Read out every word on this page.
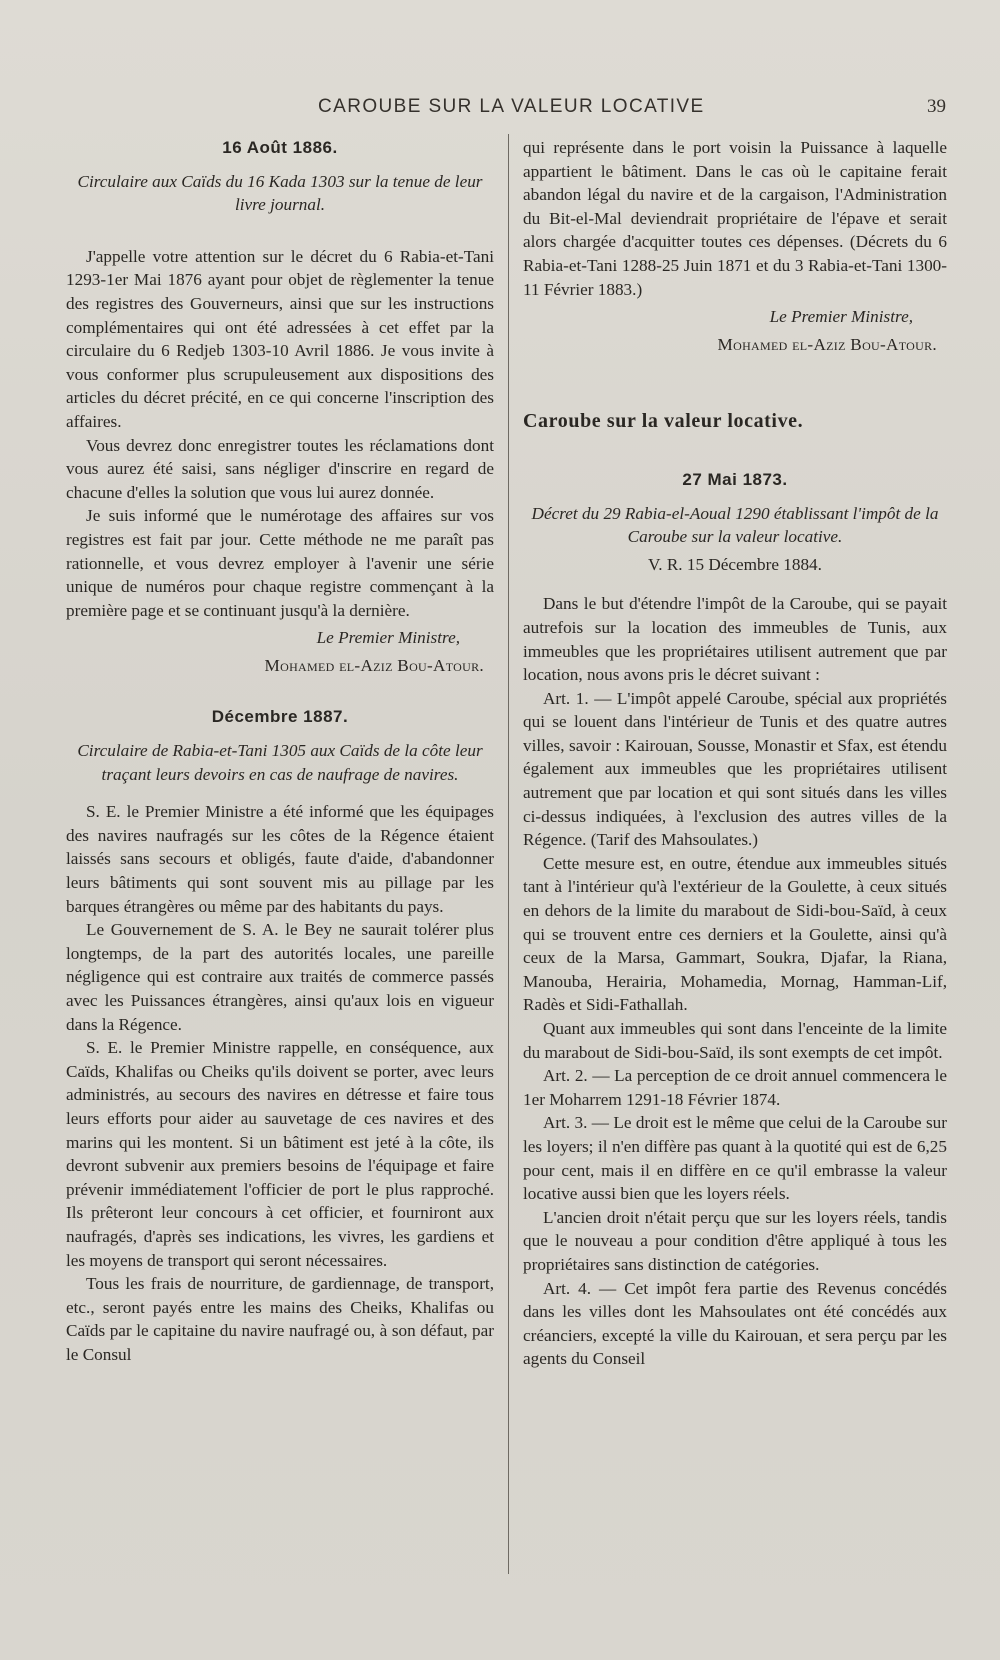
CAROUBE SUR LA VALEUR LOCATIVE	39
16 Août 1886.

Circulaire aux Caïds du 16 Kada 1303 sur la tenue de leur livre journal.

J'appelle votre attention sur le décret du 6 Rabia-et-Tani 1293-1er Mai 1876 ayant pour objet de règlementer la tenue des registres des Gouverneurs, ainsi que sur les instructions complémentaires qui ont été adressées à cet effet par la circulaire du 6 Redjeb 1303-10 Avril 1886. Je vous invite à vous conformer plus scrupuleusement aux dispositions des articles du décret précité, en ce qui concerne l'inscription des affaires.

Vous devrez donc enregistrer toutes les réclamations dont vous aurez été saisi, sans négliger d'inscrire en regard de chacune d'elles la solution que vous lui aurez donnée.

Je suis informé que le numérotage des affaires sur vos registres est fait par jour. Cette méthode ne me paraît pas rationnelle, et vous devrez employer à l'avenir une série unique de numéros pour chaque registre commençant à la première page et se continuant jusqu'à la dernière.

Le Premier Ministre,

Mohamed el-Aziz Bou-Atour.

Décembre 1887.

Circulaire de Rabia-et-Tani 1305 aux Caïds de la côte leur traçant leurs devoirs en cas de naufrage de navires.

S. E. le Premier Ministre a été informé que les équipages des navires naufragés sur les côtes de la Régence étaient laissés sans secours et obligés, faute d'aide, d'abandonner leurs bâtiments qui sont souvent mis au pillage par les barques étrangères ou même par des habitants du pays.

Le Gouvernement de S. A. le Bey ne saurait tolérer plus longtemps, de la part des autorités locales, une pareille négligence qui est contraire aux traités de commerce passés avec les Puissances étrangères, ainsi qu'aux lois en vigueur dans la Régence.

S. E. le Premier Ministre rappelle, en conséquence, aux Caïds, Khalifas ou Cheiks qu'ils doivent se porter, avec leurs administrés, au secours des navires en détresse et faire tous leurs efforts pour aider au sauvetage de ces navires et des marins qui les montent. Si un bâtiment est jeté à la côte, ils devront subvenir aux premiers besoins de l'équipage et faire prévenir immédiatement l'officier de port le plus rapproché. Ils prêteront leur concours à cet officier, et fourniront aux naufragés, d'après ses indications, les vivres, les gardiens et les moyens de transport qui seront nécessaires.

Tous les frais de nourriture, de gardiennage, de transport, etc., seront payés entre les mains des Cheiks, Khalifas ou Caïds par le capitaine du navire naufragé ou, à son défaut, par le Consul

qui représente dans le port voisin la Puissance à laquelle appartient le bâtiment. Dans le cas où le capitaine ferait abandon légal du navire et de la cargaison, l'Administration du Bit-el-Mal deviendrait propriétaire de l'épave et serait alors chargée d'acquitter toutes ces dépenses. (Décrets du 6 Rabia-et-Tani 1288-25 Juin 1871 et du 3 Rabia-et-Tani 1300-11 Février 1883.)

Le Premier Ministre,

Mohamed el-Aziz Bou-Atour.

Caroube sur la valeur locative.
27 Mai 1873.

Décret du 29 Rabia-el-Aoual 1290 établissant l'impôt de la Caroube sur la valeur locative.

V. R. 15 Décembre 1884.

Dans le but d'étendre l'impôt de la Caroube, qui se payait autrefois sur la location des immeubles de Tunis, aux immeubles que les propriétaires utilisent autrement que par location, nous avons pris le décret suivant :

Art. 1. — L'impôt appelé Caroube, spécial aux propriétés qui se louent dans l'intérieur de Tunis et des quatre autres villes, savoir : Kairouan, Sousse, Monastir et Sfax, est étendu également aux immeubles que les propriétaires utilisent autrement que par location et qui sont situés dans les villes ci-dessus indiquées, à l'exclusion des autres villes de la Régence. (Tarif des Mahsoulates.)

Cette mesure est, en outre, étendue aux immeubles situés tant à l'intérieur qu'à l'extérieur de la Goulette, à ceux situés en dehors de la limite du marabout de Sidi-bou-Saïd, à ceux qui se trouvent entre ces derniers et la Goulette, ainsi qu'à ceux de la Marsa, Gammart, Soukra, Djafar, la Riana, Manouba, Herairia, Mohamedia, Mornag, Hamman-Lif, Radès et Sidi-Fathallah.

Quant aux immeubles qui sont dans l'enceinte de la limite du marabout de Sidi-bou-Saïd, ils sont exempts de cet impôt.

Art. 2. — La perception de ce droit annuel commencera le 1er Moharrem 1291-18 Février 1874.

Art. 3. — Le droit est le même que celui de la Caroube sur les loyers; il n'en diffère pas quant à la quotité qui est de 6,25 pour cent, mais il en diffère en ce qu'il embrasse la valeur locative aussi bien que les loyers réels.

L'ancien droit n'était perçu que sur les loyers réels, tandis que le nouveau a pour condition d'être appliqué à tous les propriétaires sans distinction de catégories.

Art. 4. — Cet impôt fera partie des Revenus concédés dans les villes dont les Mahsoulates ont été concédés aux créanciers, excepté la ville du Kairouan, et sera perçu par les agents du Conseil
